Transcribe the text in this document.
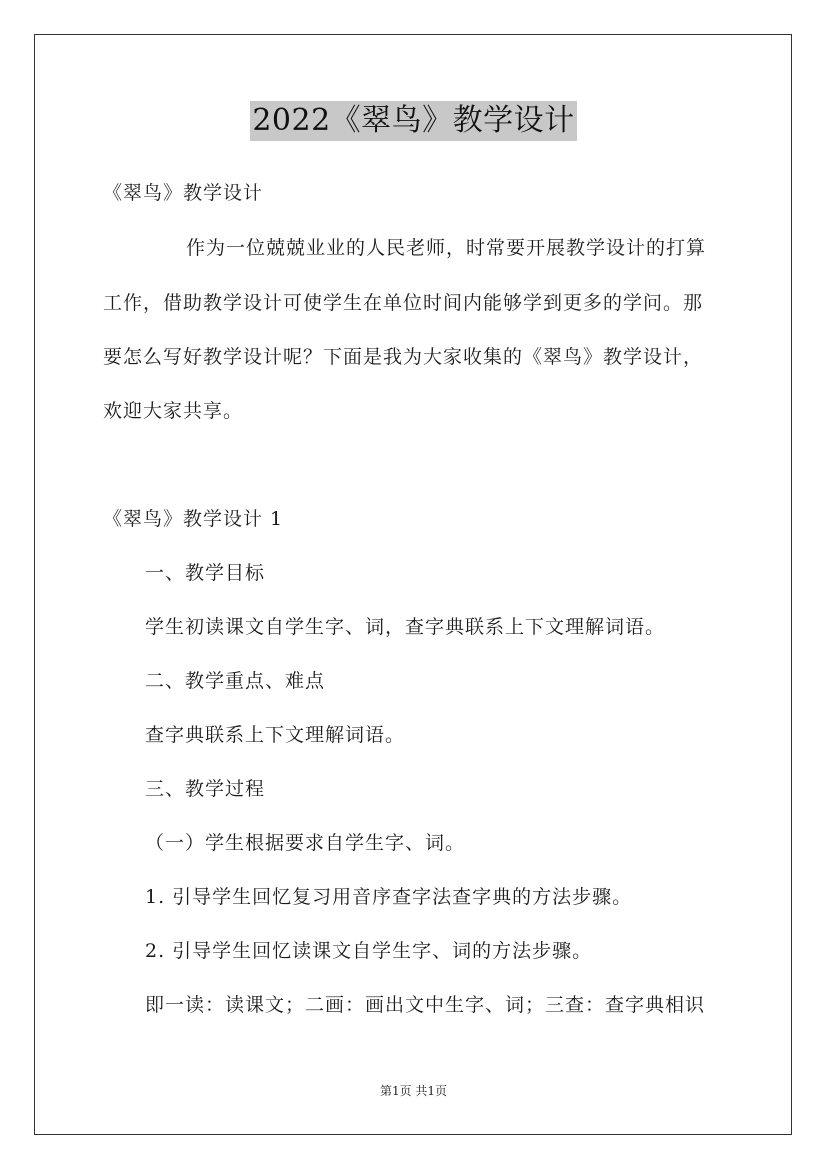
2022《翠鸟》教学设计
《翠鸟》教学设计
作为一位兢兢业业的人民老师，时常要开展教学设计的打算
工作，借助教学设计可使学生在单位时间内能够学到更多的学问。那
要怎么写好教学设计呢？下面是我为大家收集的《翠鸟》教学设计，
欢迎大家共享。
《翠鸟》教学设计 1
一、教学目标
学生初读课文自学生字、词，查字典联系上下文理解词语。
二、教学重点、难点
查字典联系上下文理解词语。
三、教学过程
（一）学生根据要求自学生字、词。
1. 引导学生回忆复习用音序查字法查字典的方法步骤。
2. 引导学生回忆读课文自学生字、词的方法步骤。
即一读：读课文；二画：画出文中生字、词；三查：查字典相识
第1页 共1页
